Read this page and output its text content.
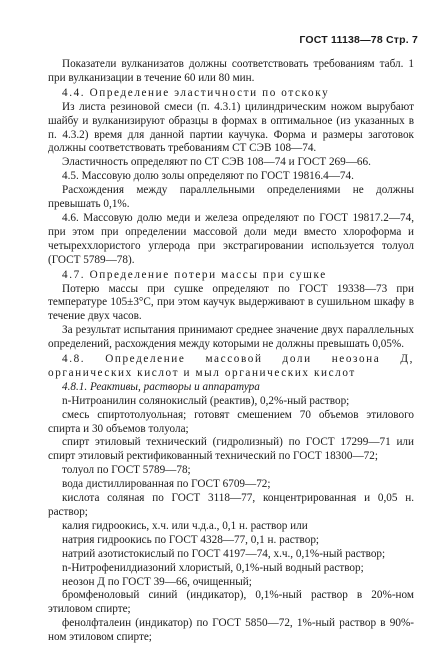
ГОСТ 11138—78 Стр. 7

Показатели вулканизатов должны соответствовать требованиям табл. 1 при вулканизации в течение 60 или 80 мин.

4.4. Определение эластичности по отскоку

Из листа резиновой смеси (п. 4.3.1) цилиндрическим ножом вырубают шайбу и вулканизируют образцы в формах в оптимальное (из указанных в п. 4.3.2) время для данной партии каучука. Форма и размеры заготовок должны соответствовать требованиям СТ СЭВ 108—74.

Эластичность определяют по СТ СЭВ 108—74 и ГОСТ 269—66.

4.5. Массовую долю золы определяют по ГОСТ 19816.4—74.

Расхождения между параллельными определениями не должны превышать 0,1%.

4.6. Массовую долю меди и железа определяют по ГОСТ 19817.2—74, при этом при определении массовой доли меди вместо хлороформа и четыреххлористого углерода при экстрагировании используется толуол (ГОСТ 5789—78).

4.7. Определение потери массы при сушке

Потерю массы при сушке определяют по ГОСТ 19338—73 при температуре 105±3°С, при этом каучук выдерживают в сушильном шкафу в течение двух часов.

За результат испытания принимают среднее значение двух параллельных определений, расхождения между которыми не должны превышать 0,05%.

4.8. Определение массовой доли неозона Д, органических кислот и мыл органических кислот

4.8.1. Реактивы, растворы и аппаратура

n-Нитроанилин солянокислый (реактив), 0,2%-ный раствор;

смесь спиртотолуольная; готовят смешением 70 объемов этилового спирта и 30 объемов толуола;

спирт этиловый технический (гидролизный) по ГОСТ 17299—71 или спирт этиловый ректификованный технический по ГОСТ 18300—72;

толуол по ГОСТ 5789—78;

вода дистиллированная по ГОСТ 6709—72;

кислота соляная по ГОСТ 3118—77, концентрированная и 0,05 н. раствор;

калия гидроокись, х.ч. или ч.д.а., 0,1 н. раствор или

натрия гидроокись по ГОСТ 4328—77, 0,1 н. раствор;

натрий азотистокислый по ГОСТ 4197—74, х.ч., 0,1%-ный раствор;

n-Нитрофенилдиазоний хлористый, 0,1%-ный водный раствор;

неозон Д по ГОСТ 39—66, очищенный;

бромфеноловый синий (индикатор), 0,1%-ный раствор в 20%-ном этиловом спирте;

фенолфталеин (индикатор) по ГОСТ 5850—72, 1%-ный раствор в 90%-ном этиловом спирте;
